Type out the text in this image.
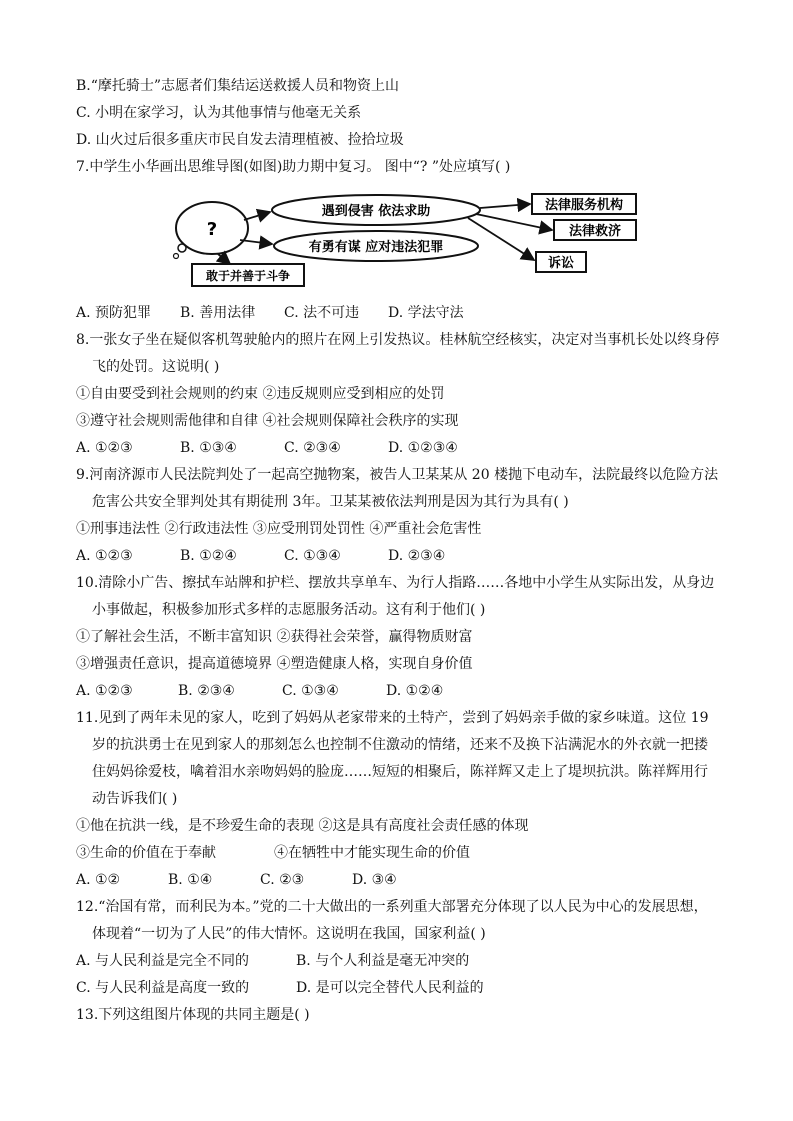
B.“摩托骑士”志愿者们集结运送救援人员和物资上山
C. 小明在家学习，认为其他事情与他毫无关系
D. 山火过后很多重庆市民自发去清理植被、捡拾垃圾
7.中学生小华画出思维导图(如图)助力期中复习。 图中“? ”处应填写( )
?
遇到侵害 依法求助
有勇有谋 应对违法犯罪
敢于并善于斗争
法律服务机构
法律救济
诉讼
A. 预防犯罪 B. 善用法律 C. 法不可违 D. 学法守法
8.一张女子坐在疑似客机驾驶舱内的照片在网上引发热议。桂林航空经核实，决定对当事机长处以终身停
飞的处罚。这说明( )
①自由要受到社会规则的约束 ②违反规则应受到相应的处罚
③遵守社会规则需他律和自律 ④社会规则保障社会秩序的实现
A. ①②③	B. ①③④	C. ②③④	D. ①②③④
9.河南济源市人民法院判处了一起高空抛物案，被告人卫某某从 20 楼抛下电动车，法院最终以危险方法
危害公共安全罪判处其有期徒刑 3年。卫某某被依法判刑是因为其行为具有( )
①刑事违法性 ②行政违法性 ③应受刑罚处罚性 ④严重社会危害性
A. ①②③	B. ①②④	C. ①③④	D. ②③④
10.清除小广告、擦拭车站牌和护栏、摆放共享单车、为行人指路……各地中小学生从实际出发，从身边
小事做起，积极参加形式多样的志愿服务活动。这有利于他们( )
①了解社会生活，不断丰富知识 ②获得社会荣誉，赢得物质财富
③增强责任意识，提高道德境界 ④塑造健康人格，实现自身价值
A. ①②③	B. ②③④	C. ①③④	D. ①②④
11.见到了两年未见的家人，吃到了妈妈从老家带来的土特产，尝到了妈妈亲手做的家乡味道。这位 19
岁的抗洪勇士在见到家人的那刻怎么也控制不住激动的情绪，还来不及换下沾满泥水的外衣就一把搂
住妈妈徐爱枝，噙着泪水亲吻妈妈的脸庞……短短的相聚后，陈祥辉又走上了堤坝抗洪。陈祥辉用行
动告诉我们( )
①他在抗洪一线，是不珍爱生命的表现 ②这是具有高度社会责任感的体现
③生命的价值在于奉献	④在牺牲中才能实现生命的价值
A. ①②	B. ①④	C. ②③	D. ③④
12.“治国有常，而利民为本。”党的二十大做出的一系列重大部署充分体现了以人民为中心的发展思想，
体现着“一切为了人民”的伟大情怀。这说明在我国，国家利益( )
A. 与人民利益是完全不同的	B. 与个人利益是毫无冲突的
C. 与人民利益是高度一致的	D. 是可以完全替代人民利益的
13.下列这组图片体现的共同主题是( )
